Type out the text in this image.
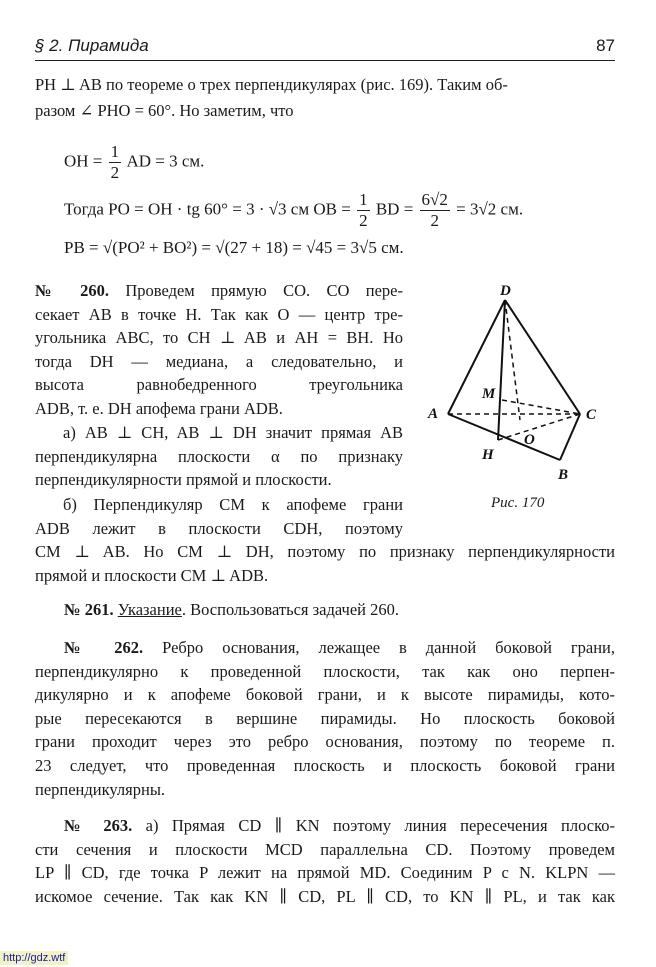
§ 2. Пирамида	87
PH ⊥ AB по теореме о трех перпендикулярах (рис. 169). Таким об-
разом ∠ PHO = 60°. Но заметим, что
OH = $\frac{1}{2}$ AD = 3 см.
Тогда PO = OH · tg 60° = 3 · √3 см OB = $\frac{1}{2}$ BD = $\frac{6√2}{2} = 3√2$ см.
PB = √(PO² + BO²) = √(27 + 18) = √45 = 3√5 см.
№ 260. Проведем прямую CO. CO пере-
секает AB в точке H. Так как O — центр тре-
угольника ABC, то CH ⊥ AB и AH = BH. Но
тогда DH — медиана, а следовательно, и
высота равнобедренного треугольника
ADB, т. е. DH апофема грани ADB.
а) AB ⊥ CH, AB ⊥ DH значит прямая AB
перпендикулярна плоскости α по признаку
перпендикулярности прямой и плоскости.
б) Перпендикуляр CM к апофеме грани
ADB лежит в плоскости CDH, поэтому
CM ⊥ AB. Но CM ⊥ DH, поэтому по признаку перпендикулярности
прямой и плоскости CM ⊥ ADB.
D
A	C
B
H
M
O
Рис. 170
№ 261. Указание. Воспользоваться задачей 260.
№ 262. Ребро основания, лежащее в данной боковой грани,
перпендикулярно к проведенной плоскости, так как оно перпен-
дикулярно и к апофеме боковой грани, и к высоте пирамиды, кото-
рые пересекаются в вершине пирамиды. Но плоскость боковой
грани проходит через это ребро основания, поэтому по теореме п.
23 следует, что проведенная плоскость и плоскость боковой грани
перпендикулярны.
№ 263. а) Прямая CD ∥ KN поэтому линия пересечения плоско-
сти сечения и плоскости MCD параллельна CD. Поэтому проведем
LP ∥ CD, где точка P лежит на прямой MD. Соединим P с N. KLPN —
искомое сечение. Так как KN ∥ CD, PL ∥ CD, то KN ∥ PL, и так как
http://gdz.wtf
